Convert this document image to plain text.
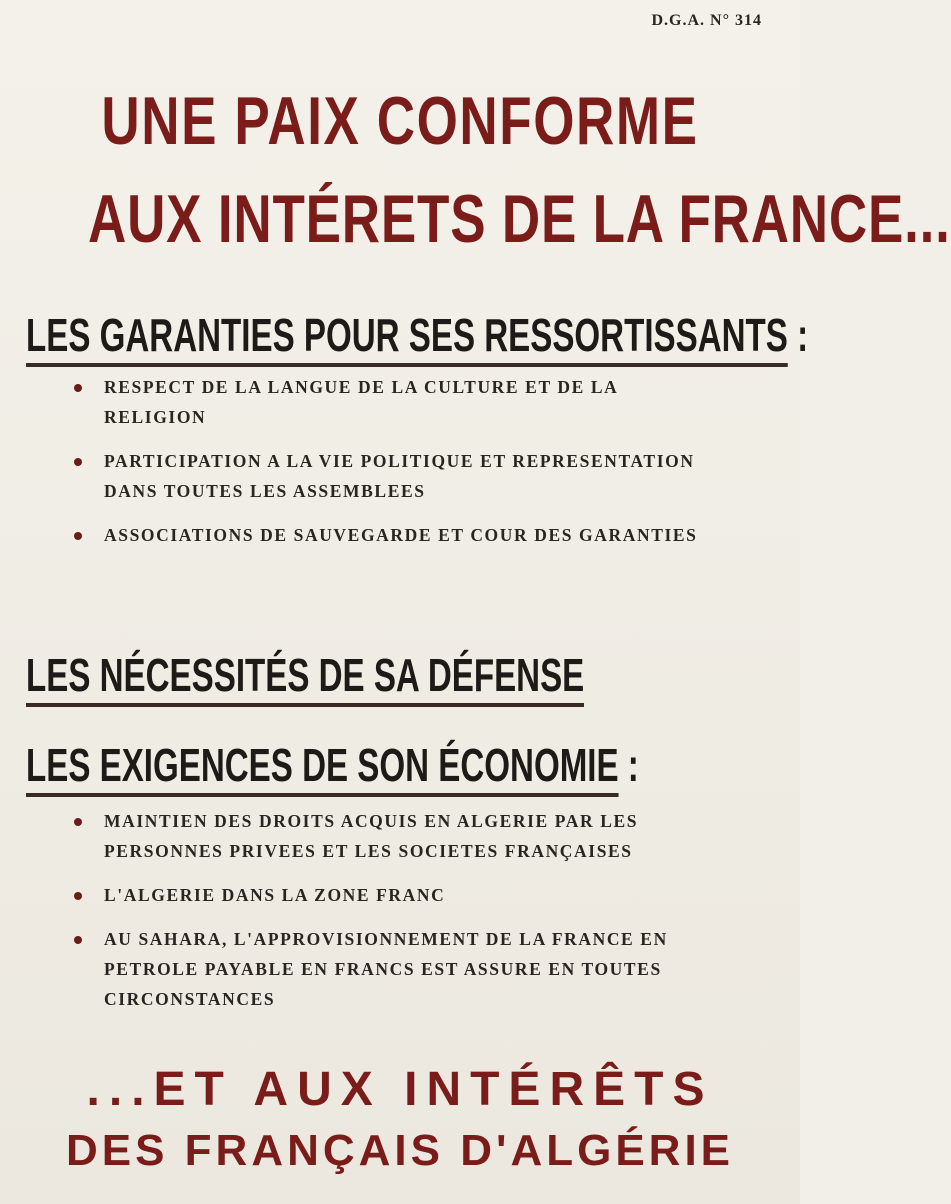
D.G.A. N° 314
UNE PAIX CONFORME
AUX INTÉRETS DE LA FRANCE...
LES GARANTIES POUR SES RESSORTISSANTS :
RESPECT DE LA LANGUE DE LA CULTURE ET DE LA RELIGION
PARTICIPATION A LA VIE POLITIQUE ET REPRESENTATION DANS TOUTES LES ASSEMBLEES
ASSOCIATIONS DE SAUVEGARDE ET COUR DES GARANTIES
LES NÉCESSITÉS DE SA DÉFENSE
LES EXIGENCES DE SON ÉCONOMIE :
MAINTIEN DES DROITS ACQUIS EN ALGERIE PAR LES PERSONNES PRIVEES ET LES SOCIETES FRANÇAISES
L'ALGERIE DANS LA ZONE FRANC
AU SAHARA, L'APPROVISIONNEMENT DE LA FRANCE EN PETROLE PAYABLE EN FRANCS EST ASSURE EN TOUTES CIRCONSTANCES
...ET AUX INTÉRÊTS
DES FRANÇAIS D'ALGÉRIE
